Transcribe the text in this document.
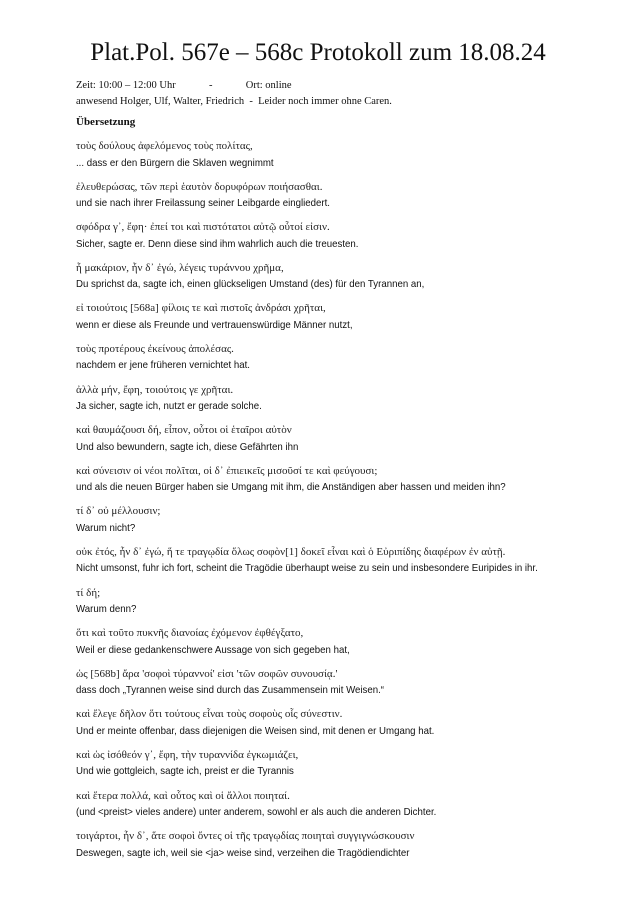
Plat.Pol. 567e – 568c Protokoll zum 18.08.24
Zeit: 10:00 – 12:00 Uhr	-	Ort: online
anwesend Holger, Ulf, Walter, Friedrich  -  Leider noch immer ohne Caren.
Übersetzung
τοὺς δούλους ἀφελόμενος τοὺς πολίτας,
... dass er den Bürgern die Sklaven wegnimmt
ἐλευθερώσας, τῶν περὶ ἑαυτὸν δορυφόρων ποιήσασθαι.
und sie nach ihrer Freilassung seiner Leibgarde eingliedert.
σφόδρα γ᾽, ἔφη· ἐπεί τοι καὶ πιστότατοι αὐτῷ οὗτοί εἰσιν.
Sicher, sagte er. Denn diese sind ihm wahrlich auch die treuesten.
ἦ μακάριον, ἦν δ᾽ ἐγώ, λέγεις τυράννου χρῆμα,
Du sprichst da, sagte ich, einen glückseligen Umstand (des) für den Tyrannen an,
εἰ τοιούτοις [568a] φίλοις τε καὶ πιστοῖς ἀνδράσι χρῆται,
wenn er diese als Freunde und vertrauenswürdige Männer nutzt,
τοὺς προτέρους ἐκείνους ἀπολέσας.
nachdem er jene früheren vernichtet hat.
ἀλλὰ μήν, ἔφη, τοιούτοις γε χρῆται.
Ja sicher, sagte ich, nutzt er gerade solche.
καὶ θαυμάζουσι δή, εἶπον, οὗτοι οἱ ἑταῖροι αὐτὸν
Und also bewundern, sagte ich, diese Gefährten ihn
καὶ σύνεισιν οἱ νέοι πολῖται, οἱ δ᾽ ἐπιεικεῖς μισοῦσί τε καὶ φεύγουσι;
und als die neuen Bürger haben sie Umgang mit ihm, die Anständigen aber hassen und meiden ihn?
τί δ᾽ οὐ μέλλουσιν;
Warum nicht?
οὐκ ἐτός, ἦν δ᾽ ἐγώ, ἥ τε τραγῳδία ὅλως σοφὸν[1] δοκεῖ εἶναι καὶ ὁ Εὐριπίδης διαφέρων ἐν αὐτῇ.
Nicht umsonst, fuhr ich fort, scheint die Tragödie überhaupt weise zu sein und insbesondere Euripides in ihr.
τί δή;
Warum denn?
ὅτι καὶ τοῦτο πυκνῆς διανοίας ἐχόμενον ἐφθέγξατο,
Weil er diese gedankenschwere Aussage von sich gegeben hat,
ὡς [568b] ἄρα 'σοφοὶ τύραννοί' εἰσι 'τῶν σοφῶν συνουσίᾳ.'
dass doch „Tyrannen weise sind durch das Zusammensein mit Weisen.“
καὶ ἔλεγε δῆλον ὅτι τούτους εἶναι τοὺς σοφοὺς οἷς σύνεστιν.
Und er meinte offenbar, dass diejenigen die Weisen sind, mit denen er Umgang hat.
καὶ ὡς ἰσόθεόν γ᾽, ἔφη, τὴν τυραννίδα ἐγκωμιάζει,
Und wie gottgleich, sagte ich, preist er die Tyrannis
καὶ ἕτερα πολλά, καὶ οὗτος καὶ οἱ ἄλλοι ποιηταί.
(und <preist> vieles andere) unter anderem, sowohl er als auch die anderen Dichter.
τοιγάρτοι, ἦν δ᾽, ἅτε σοφοὶ ὄντες οἱ τῆς τραγῳδίας ποιηταὶ συγγιγνώσκουσιν
Deswegen, sagte ich, weil sie <ja> weise sind, verzeihen die Tragödiendichter
